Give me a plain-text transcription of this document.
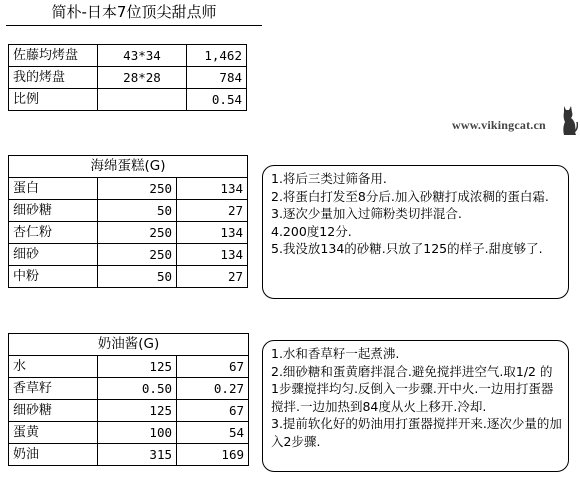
简朴-日本7位顶尖甜点师
佐藤均烤盘	43*34	1,462
我的烤盘	28*28	784
比例		0.54
www.vikingcat.cn
海绵蛋糕(G)		
蛋白	250	134
细砂糖	50	27
杏仁粉	250	134
细砂	250	134
中粉	50	27
1.将后三类过筛备用.
2.将蛋白打发至8分后.加入砂糖打成浓稠的蛋白霜.
3.逐次少量加入过筛粉类切拌混合.
4.200度12分.
5.我没放134的砂糖.只放了125的样子.甜度够了.
奶油酱(G)		
水	125	67
香草籽	0.50	0.27
细砂糖	125	67
蛋黄	100	54
奶油	315	169
1.水和香草籽一起煮沸.
2.细砂糖和蛋黄磨拌混合.避免搅拌进空气.取1/2 的 1步骤搅拌均匀.反倒入一步骤.开中火.一边用打蛋器搅拌.一边加热到84度从火上移开.冷却.
3.提前软化好的奶油用打蛋器搅拌开来.逐次少量的加入2步骤.
